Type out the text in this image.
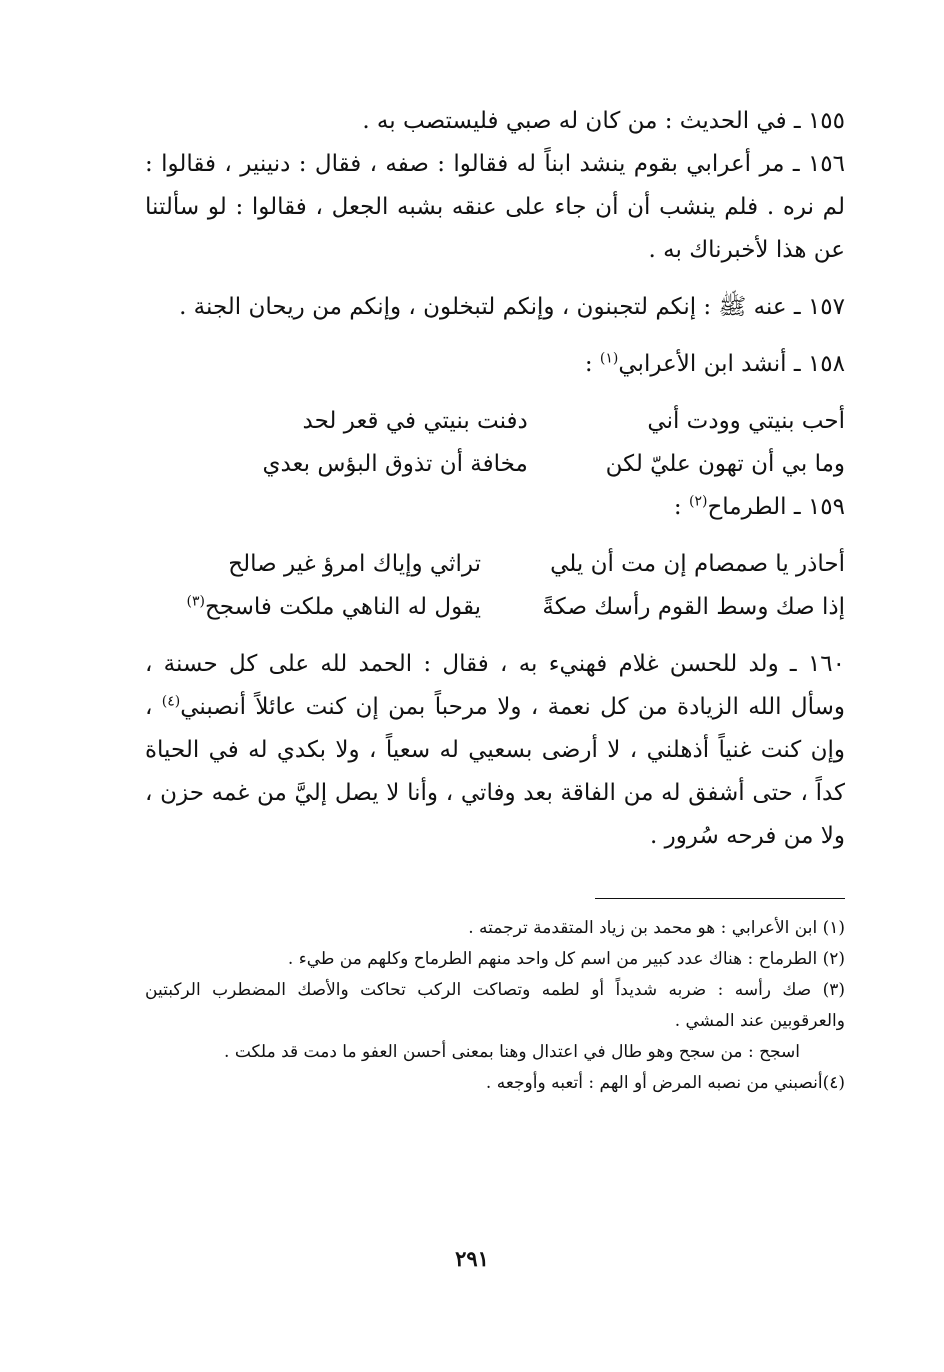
١٥٥ ـ في الحديث : من كان له صبي فليستصب به .

١٥٦ ـ مر أعرابي بقوم ينشد ابناً له فقالوا : صفه ، فقال : دنينير ، فقالوا : لم نره . فلم ينشب أن أن جاء على عنقه بشبه الجعل ، فقالوا : لو سألتنا عن هذا لأخبرناك به .

١٥٧ ـ عنه ﷺ : إنكم لتجبنون ، وإنكم لتبخلون ، وإنكم من ريحان الجنة .

١٥٨ ـ أنشد ابن الأعرابي$^{(١)}$ :

أحب بنيتي وودت أني
دفنت بنيتي في قعر لحد
وما بي أن تهون عليّ لكن
مخافة أن تذوق البؤس بعدي

١٥٩ ـ الطرماح$^{(٢)}$ :

أحاذر يا صمصام إن مت أن يلي
تراثي وإياك امرؤ غير صالح
إذا صك وسط القوم رأسك صكةً
يقول له الناهي ملكت فاسجح$^{(٣)}$

١٦٠ ـ ولد للحسن غلام فهنيء به ، فقال : الحمد لله على كل حسنة ، وسأل الله الزيادة من كل نعمة ، ولا مرحباً بمن إن كنت عائلاً أنصبني$^{(٤)}$ ، وإن كنت غنياً أذهلني ، لا أرضى بسعيي له سعياً ، ولا بكدي له في الحياة كداً ، حتى أشفق له من الفاقة بعد وفاتي ، وأنا لا يصل إليَّ من غمه حزن ، ولا من فرحه سُرور .

(١) ابن الأعرابي : هو محمد بن زياد المتقدمة ترجمته .

(٢) الطرماح : هناك عدد كبير من اسم كل واحد منهم الطرماح وكلهم من طيء .

(٣) صك رأسه : ضربه شديداً أو لطمه وتصاكت الركب تحاكت والأصك المضطرب الركبتين والعرقوبين عند المشي .

اسجح : من سجح وهو طال في اعتدال وهنا بمعنى أحسن العفو ما دمت قد ملكت .

(٤)أنصبني من نصبه المرض أو الهم : أتعبه وأوجعه .

٢٩١
